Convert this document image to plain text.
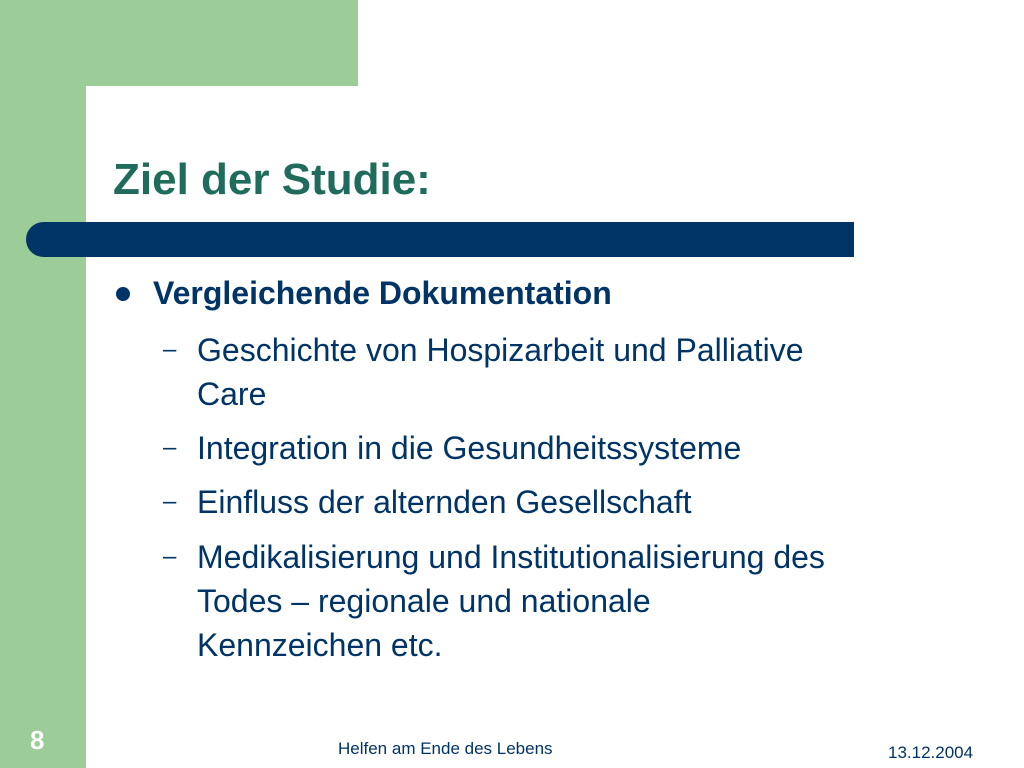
Ziel der Studie:
Vergleichende Dokumentation
– Geschichte von Hospizarbeit und Palliative
Care
– Integration in die Gesundheitssysteme
– Einfluss der alternden Gesellschaft
– Medikalisierung und Institutionalisierung des
Todes – regionale und nationale
Kennzeichen etc.
8	Helfen am Ende des Lebens	13.12.2004
